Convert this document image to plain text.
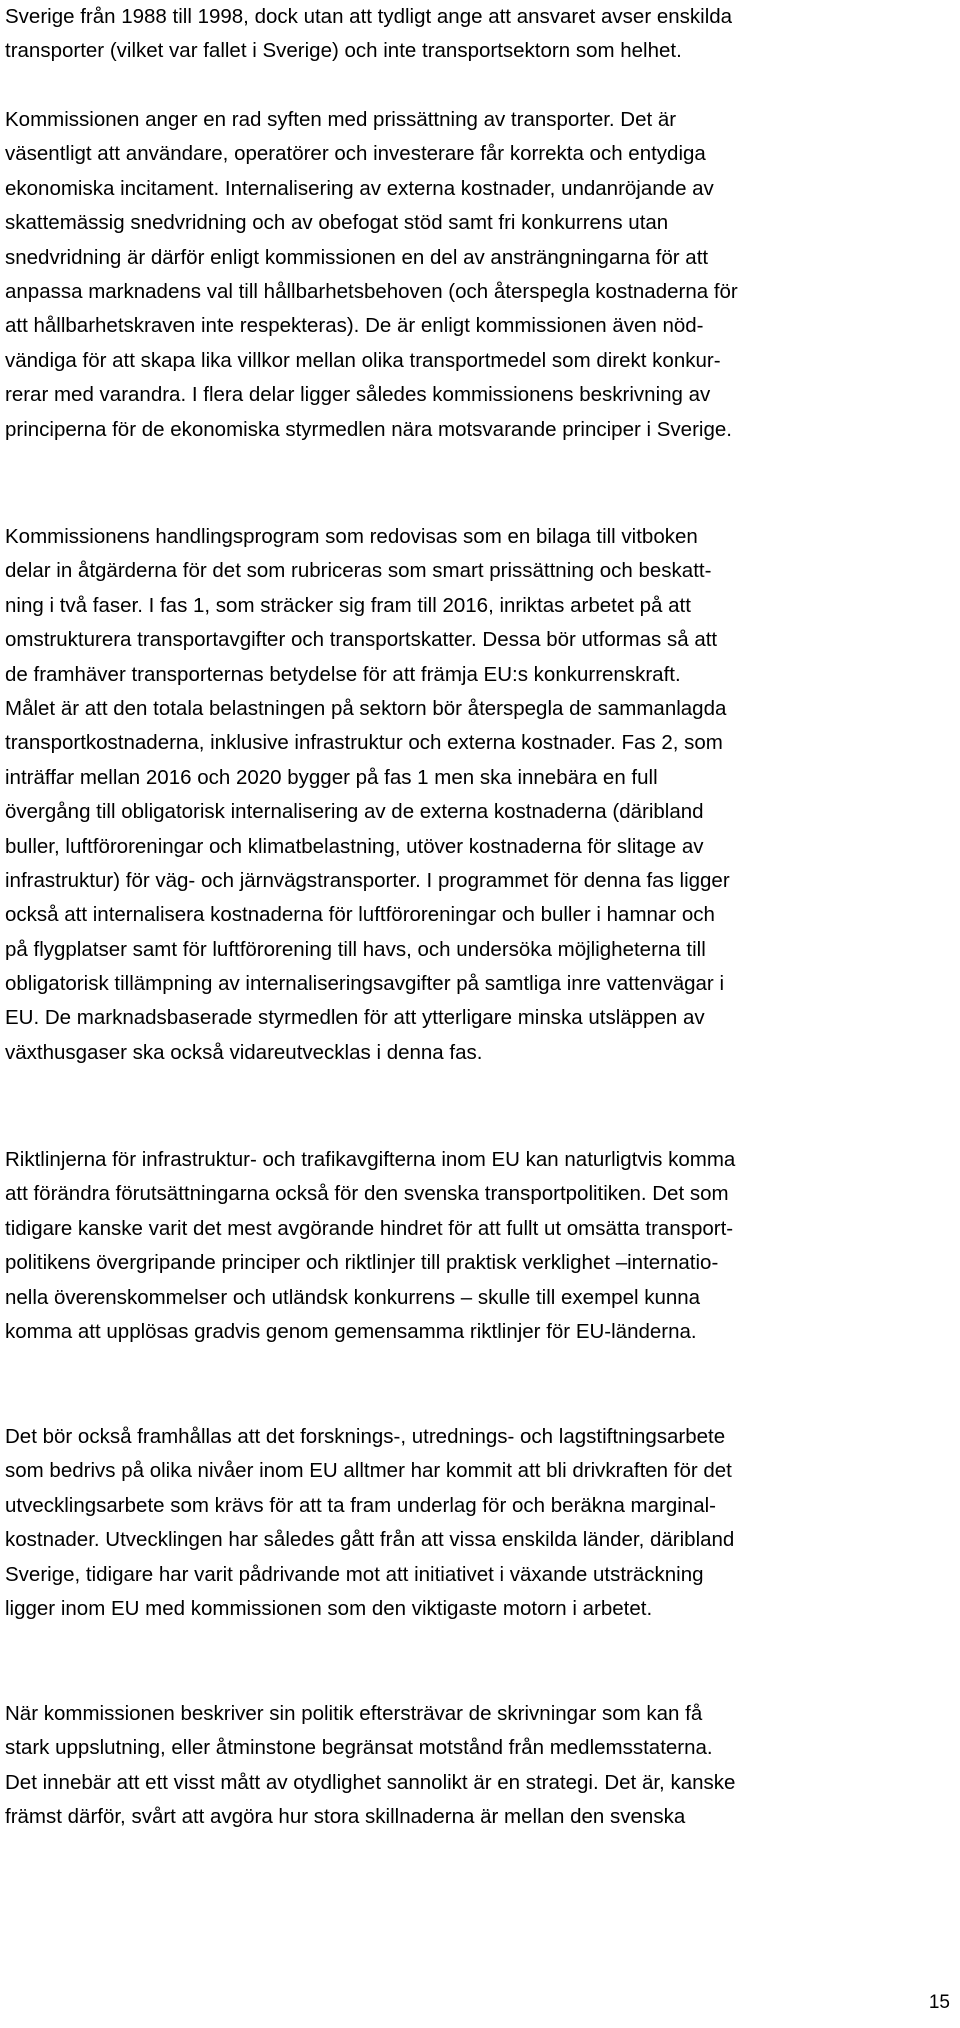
Sverige från 1988 till 1998, dock utan att tydligt ange att ansvaret avser enskilda
transporter (vilket var fallet i Sverige) och inte transportsektorn som helhet.
Kommissionen anger en rad syften med prissättning av transporter. Det är
väsentligt att användare, operatörer och investerare får korrekta och entydiga
ekonomiska incitament. Internalisering av externa kostnader, undanröjande av
skattemässig snedvridning och av obefogat stöd samt fri konkurrens utan
snedvridning är därför enligt kommissionen en del av ansträngningarna för att
anpassa marknadens val till hållbarhetsbehoven (och återspegla kostnaderna för
att hållbarhetskraven inte respekteras). De är enligt kommissionen även nöd-
vändiga för att skapa lika villkor mellan olika transportmedel som direkt konkur-
rerar med varandra. I flera delar ligger således kommissionens beskrivning av
principerna för de ekonomiska styrmedlen nära motsvarande principer i Sverige.
Kommissionens handlingsprogram som redovisas som en bilaga till vitboken
delar in åtgärderna för det som rubriceras som smart prissättning och beskatt-
ning i två faser. I fas 1, som sträcker sig fram till 2016, inriktas arbetet på att
omstrukturera transportavgifter och transportskatter. Dessa bör utformas så att
de framhäver transporternas betydelse för att främja EU:s konkurrenskraft.
Målet är att den totala belastningen på sektorn bör återspegla de sammanlagda
transportkostnaderna, inklusive infrastruktur och externa kostnader. Fas 2, som
inträffar mellan 2016 och 2020 bygger på fas 1 men ska innebära en full
övergång till obligatorisk internalisering av de externa kostnaderna (däribland
buller, luftföroreningar och klimatbelastning, utöver kostnaderna för slitage av
infrastruktur) för väg- och järnvägstransporter. I programmet för denna fas ligger
också att internalisera kostnaderna för luftföroreningar och buller i hamnar och
på flygplatser samt för luftförorening till havs, och undersöka möjligheterna till
obligatorisk tillämpning av internaliseringsavgifter på samtliga inre vattenvägar i
EU. De marknadsbaserade styrmedlen för att ytterligare minska utsläppen av
växthusgaser ska också vidareutvecklas i denna fas.
Riktlinjerna för infrastruktur- och trafikavgifterna inom EU kan naturligtvis komma
att förändra förutsättningarna också för den svenska transportpolitiken. Det som
tidigare kanske varit det mest avgörande hindret för att fullt ut omsätta transport-
politikens övergripande principer och riktlinjer till praktisk verklighet –internatio-
nella överenskommelser och utländsk konkurrens – skulle till exempel kunna
komma att upplösas gradvis genom gemensamma riktlinjer för EU-länderna.
Det bör också framhållas att det forsknings-, utrednings- och lagstiftningsarbete
som bedrivs på olika nivåer inom EU alltmer har kommit att bli drivkraften för det
utvecklingsarbete som krävs för att ta fram underlag för och beräkna marginal-
kostnader. Utvecklingen har således gått från att vissa enskilda länder, däribland
Sverige, tidigare har varit pådrivande mot att initiativet i växande utsträckning
ligger inom EU med kommissionen som den viktigaste motorn i arbetet.
När kommissionen beskriver sin politik eftersträvar de skrivningar som kan få
stark uppslutning, eller åtminstone begränsat motstånd från medlemsstaterna.
Det innebär att ett visst mått av otydlighet sannolikt är en strategi. Det är, kanske
främst därför, svårt att avgöra hur stora skillnaderna är mellan den svenska
15
